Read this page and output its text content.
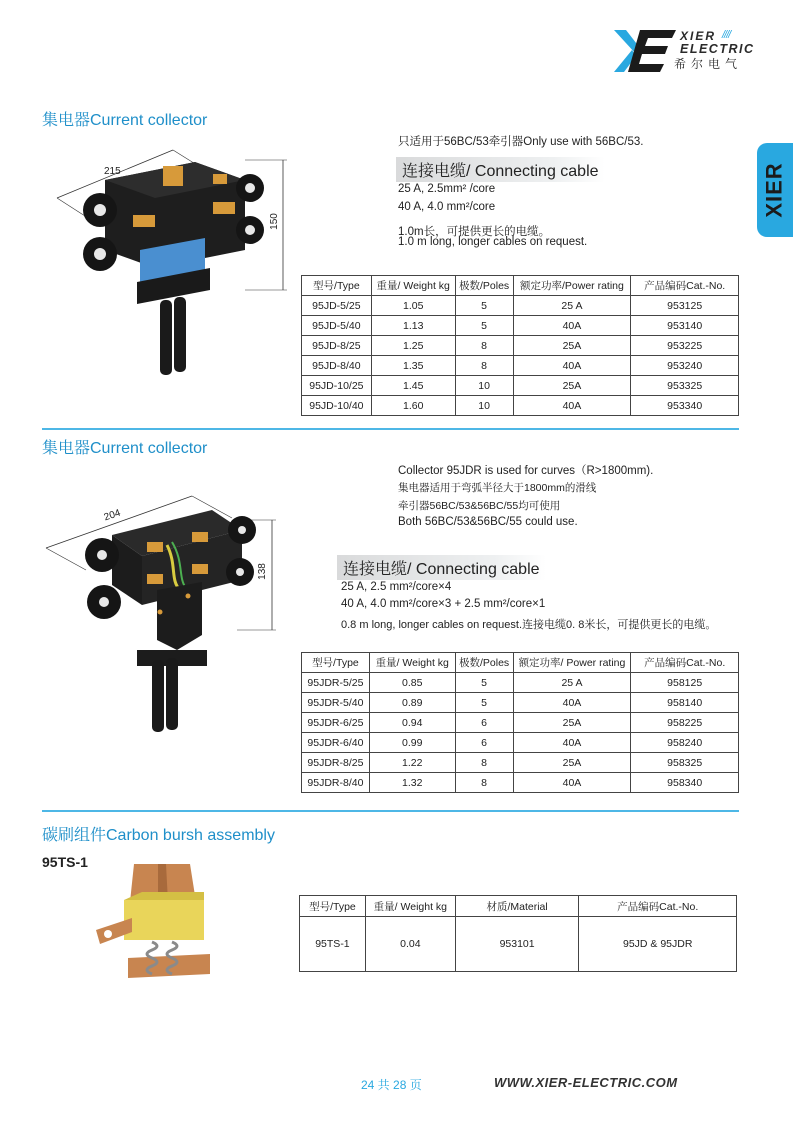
XIER ////
ELECTRIC
希尔电气
XIER
集电器Current collector
215
150
只适用于56BC/53牵引器Only use with 56BC/53.
连接电缆/ Connecting cable
25 A, 2.5mm² /core
40 A, 4.0 mm²/core
1.0m长，可提供更长的电缆。
1.0 m long, longer cables on request.
型号/Type	重量/ Weight kg	极数/Poles	额定功率/Power rating	产品编码Cat.-No.
95JD-5/25	1.05	5	25 A	953125
95JD-5/40	1.13	5	40A	953140
95JD-8/25	1.25	8	25A	953225
95JD-8/40	1.35	8	40A	953240
95JD-10/25	1.45	10	25A	953325
95JD-10/40	1.60	10	40A	953340
集电器Current collector
204
138
Collector 95JDR is used for curves（R>1800mm).
集电器适用于弯弧半径大于1800mm的滑线
牵引器56BC/53&56BC/55均可使用
Both 56BC/53&56BC/55 could use.
连接电缆/ Connecting cable
25 A, 2.5 mm²/core×4
40 A, 4.0 mm²/core×3 + 2.5 mm²/core×1
0.8 m long, longer cables on request.连接电缆0. 8米长，可提供更长的电缆。
型号/Type	重量/ Weight kg	极数/Poles	额定功率/ Power rating	产品编码Cat.-No.
95JDR-5/25	0.85	5	25 A	958125
95JDR-5/40	0.89	5	40A	958140
95JDR-6/25	0.94	6	25A	958225
95JDR-6/40	0.99	6	40A	958240
95JDR-8/25	1.22	8	25A	958325
95JDR-8/40	1.32	8	40A	958340
碳刷组件Carbon bursh assembly
95TS-1
型号/Type	重量/ Weight kg	材质/Material	产品编码Cat.-No.
95TS-1	0.04	953101	95JD & 95JDR
24 共 28 页	WWW.XIER-ELECTRIC.COM
